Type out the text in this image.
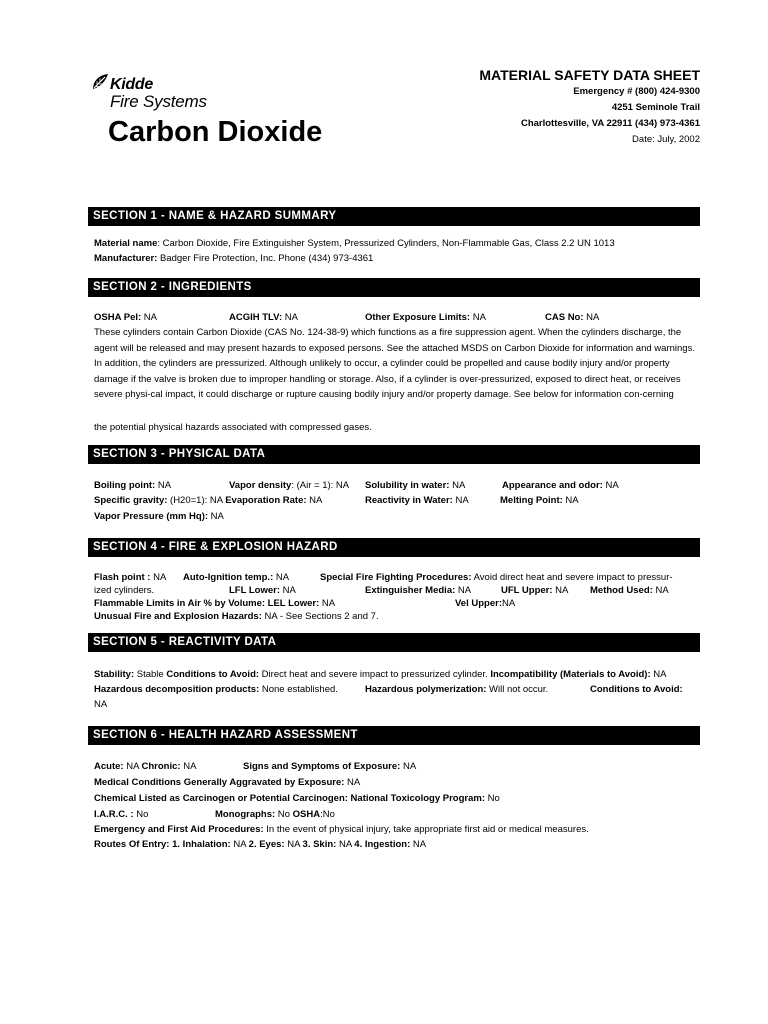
Kidde
Fire Systems
Carbon Dioxide
MATERIAL SAFETY DATA SHEET
Emergency # (800) 424-9300
4251 Seminole Trail
Charlottesville, VA 22911 (434) 973-4361
Date: July, 2002
SECTION 1 - NAME & HAZARD SUMMARY
Material name: Carbon Dioxide, Fire Extinguisher System, Pressurized Cylinders, Non-Flammable Gas, Class 2.2 UN 1013
Manufacturer: Badger Fire Protection, Inc. Phone (434) 973-4361
SECTION 2 - INGREDIENTS
OSHA Pel: NA	ACGIH TLV: NA	Other Exposure Limits: NA	CAS No: NA
These cylinders contain Carbon Dioxide (CAS No. 124-38-9) which functions as a fire suppression agent. When the cylinders discharge, the agent will be released and may present hazards to exposed persons. See the attached MSDS on Carbon Dioxide for information and warnings. In addition, the cylinders are pressurized. Although unlikely to occur, a cylinder could be propelled and cause bodily injury and/or property damage if the valve is broken due to improper handling or storage. Also, if a cylinder is over-pressurized, exposed to direct heat, or receives severe physi-cal impact, it could discharge or rupture causing bodily injury and/or property damage. See below for information con-cerning
the potential physical hazards associated with compressed gases.
SECTION 3 - PHYSICAL DATA
Boiling point: NA	Vapor density: (Air = 1): NA Solubility in water: NA	Appearance and odor: NA
Specific gravity: (H20=1): NA Evaporation Rate: NA	Reactivity in Water: NA	Melting Point: NA
Vapor Pressure (mm Hq): NA
SECTION 4 - FIRE & EXPLOSION HAZARD
Flash point : NA Auto-Ignition temp.: NA	Special Fire Fighting Procedures: Avoid direct heat and severe impact to pressur-
ized cylinders.	LFL Lower: NA	Extinguisher Media: NA	UFL Upper: NA Method Used: NA
Flammable Limits in Air % by Volume: LEL Lower: NA	Vel Upper:NA
Unusual Fire and Explosion Hazards: NA - See Sections 2 and 7.
SECTION 5 - REACTIVITY DATA
Stability: Stable Conditions to Avoid: Direct heat and severe impact to pressurized cylinder. Incompatibility (Materials to Avoid): NA
Hazardous decomposition products: None established.	Hazardous polymerization: Will not occur.	Conditions to Avoid:
NA
SECTION 6 - HEALTH HAZARD ASSESSMENT
Acute: NA Chronic: NA	Signs and Symptoms of Exposure: NA
Medical Conditions Generally Aggravated by Exposure: NA
Chemical Listed as Carcinogen or Potential Carcinogen: National Toxicology Program: No
I.A.R.C. : No	Monographs: No OSHA:No
Emergency and First Aid Procedures: In the event of physical injury, take appropriate first aid or medical measures.
Routes Of Entry: 1. Inhalation: NA 2. Eyes: NA 3. Skin: NA 4. Ingestion: NA
